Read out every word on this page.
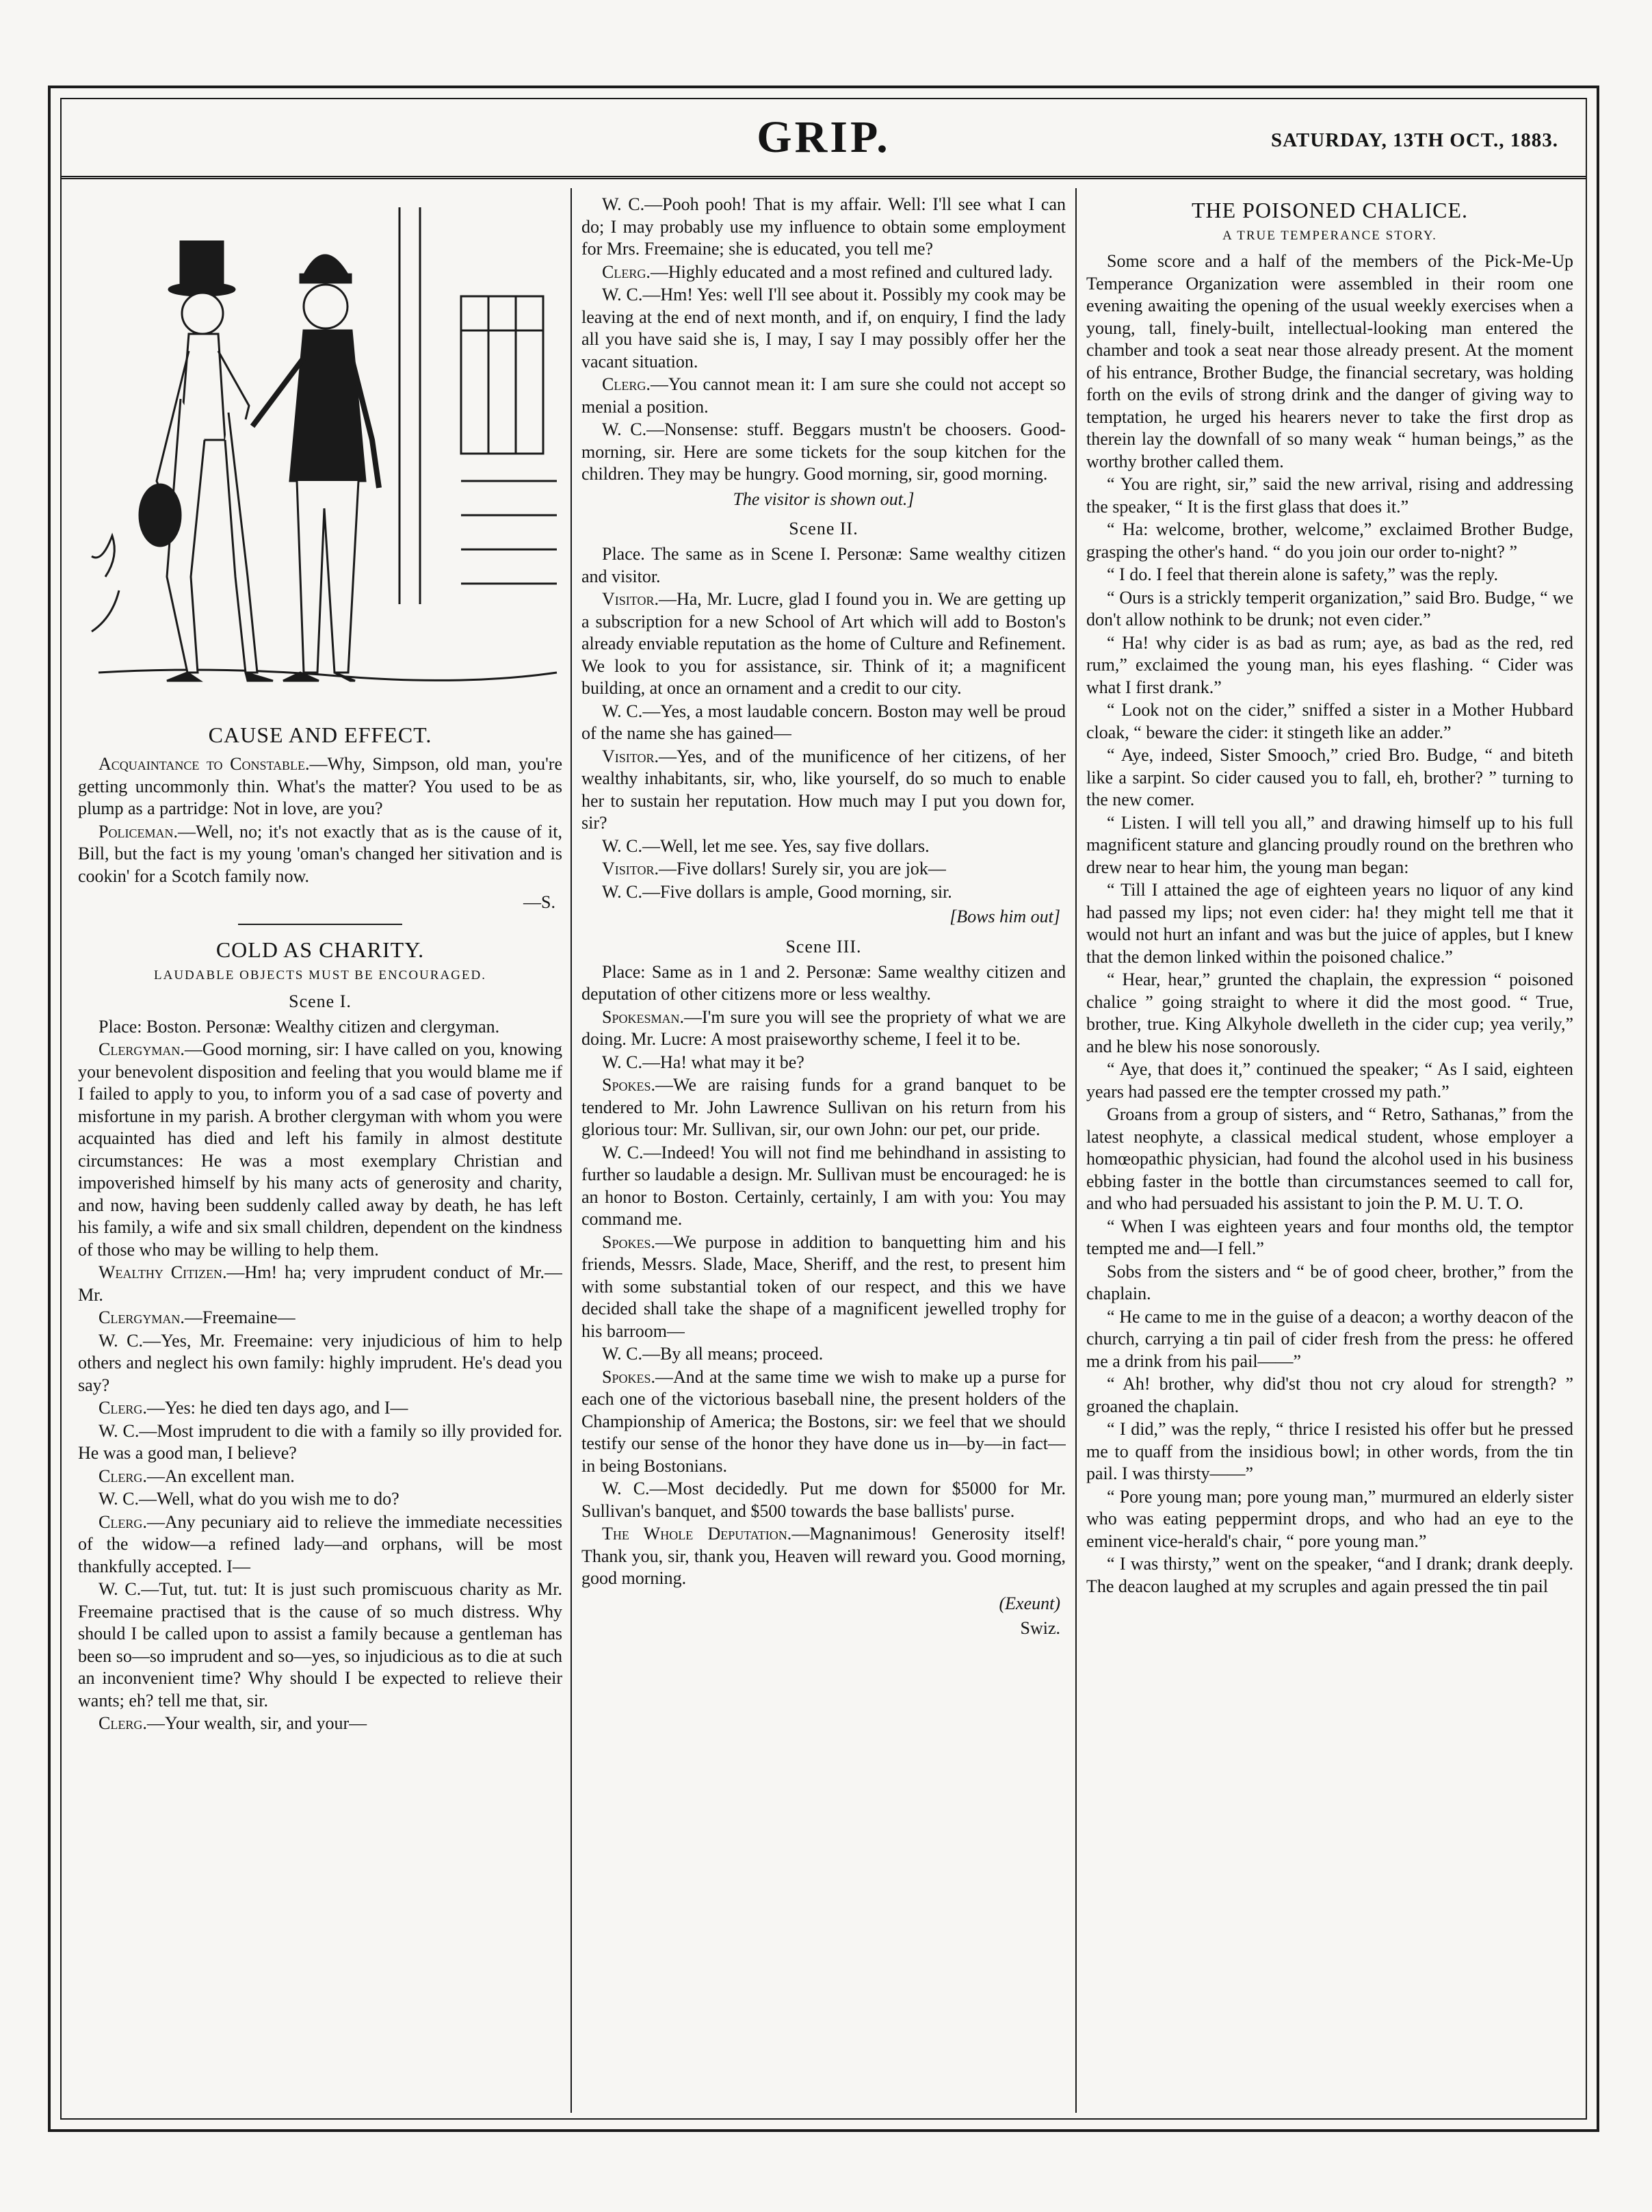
GRIP.	SATURDAY, 13TH OCT., 1883.
CAUSE AND EFFECT.

Acquaintance to Constable.—Why, Simpson, old man, you're getting uncommonly thin. What's the matter? You used to be as plump as a partridge: Not in love, are you?

Policeman.—Well, no; it's not exactly that as is the cause of it, Bill, but the fact is my young 'oman's changed her sitivation and is cookin' for a Scotch family now.

—S.

COLD AS CHARITY.
LAUDABLE OBJECTS MUST BE ENCOURAGED.
Scene I.

Place: Boston. Personæ: Wealthy citizen and clergyman.

Clergyman.—Good morning, sir: I have called on you, knowing your benevolent disposition and feeling that you would blame me if I failed to apply to you, to inform you of a sad case of poverty and misfortune in my parish. A brother clergyman with whom you were acquainted has died and left his family in almost destitute circumstances: He was a most exemplary Christian and impoverished himself by his many acts of generosity and charity, and now, having been suddenly called away by death, he has left his family, a wife and six small children, dependent on the kindness of those who may be willing to help them.

Wealthy Citizen.—Hm! ha; very imprudent conduct of Mr.—Mr.

Clergyman.—Freemaine—

W. C.—Yes, Mr. Freemaine: very injudicious of him to help others and neglect his own family: highly imprudent. He's dead you say?

Clerg.—Yes: he died ten days ago, and I—

W. C.—Most imprudent to die with a family so illy provided for. He was a good man, I believe?

Clerg.—An excellent man.

W. C.—Well, what do you wish me to do?

Clerg.—Any pecuniary aid to relieve the immediate necessities of the widow—a refined lady—and orphans, will be most thankfully accepted. I—

W. C.—Tut, tut. tut: It is just such promiscuous charity as Mr. Freemaine practised that is the cause of so much distress. Why should I be called upon to assist a family because a gentleman has been so—so imprudent and so—yes, so injudicious as to die at such an inconvenient time? Why should I be expected to relieve their wants; eh? tell me that, sir.

Clerg.—Your wealth, sir, and your—

W. C.—Pooh pooh! That is my affair. Well: I'll see what I can do; I may probably use my influence to obtain some employment for Mrs. Freemaine; she is educated, you tell me?

Clerg.—Highly educated and a most refined and cultured lady.

W. C.—Hm! Yes: well I'll see about it. Possibly my cook may be leaving at the end of next month, and if, on enquiry, I find the lady all you have said she is, I may, I say I may possibly offer her the vacant situation.

Clerg.—You cannot mean it: I am sure she could not accept so menial a position.

W. C.—Nonsense: stuff. Beggars mustn't be choosers. Good-morning, sir. Here are some tickets for the soup kitchen for the children. They may be hungry. Good morning, sir, good morning.

The visitor is shown out.]

Scene II.

Place. The same as in Scene I. Personæ: Same wealthy citizen and visitor.

Visitor.—Ha, Mr. Lucre, glad I found you in. We are getting up a subscription for a new School of Art which will add to Boston's already enviable reputation as the home of Culture and Refinement. We look to you for assistance, sir. Think of it; a magnificent building, at once an ornament and a credit to our city.

W. C.—Yes, a most laudable concern. Boston may well be proud of the name she has gained—

Visitor.—Yes, and of the munificence of her citizens, of her wealthy inhabitants, sir, who, like yourself, do so much to enable her to sustain her reputation. How much may I put you down for, sir?

W. C.—Well, let me see. Yes, say five dollars.

Visitor.—Five dollars! Surely sir, you are jok—

W. C.—Five dollars is ample, Good morning, sir.

[Bows him out]

Scene III.

Place: Same as in 1 and 2. Personæ: Same wealthy citizen and deputation of other citizens more or less wealthy.

Spokesman.—I'm sure you will see the propriety of what we are doing. Mr. Lucre: A most praiseworthy scheme, I feel it to be.

W. C.—Ha! what may it be?

Spokes.—We are raising funds for a grand banquet to be tendered to Mr. John Lawrence Sullivan on his return from his glorious tour: Mr. Sullivan, sir, our own John: our pet, our pride.

W. C.—Indeed! You will not find me behindhand in assisting to further so laudable a design. Mr. Sullivan must be encouraged: he is an honor to Boston. Certainly, certainly, I am with you: You may command me.

Spokes.—We purpose in addition to banquetting him and his friends, Messrs. Slade, Mace, Sheriff, and the rest, to present him with some substantial token of our respect, and this we have decided shall take the shape of a magnificent jewelled trophy for his barroom—

W. C.—By all means; proceed.

Spokes.—And at the same time we wish to make up a purse for each one of the victorious baseball nine, the present holders of the Championship of America; the Bostons, sir: we feel that we should testify our sense of the honor they have done us in—by—in fact—in being Bostonians.

W. C.—Most decidedly. Put me down for $5000 for Mr. Sullivan's banquet, and $500 towards the base ballists' purse.

The Whole Deputation.—Magnanimous! Generosity itself! Thank you, sir, thank you, Heaven will reward you. Good morning, good morning.

(Exeunt)

Swiz.

THE POISONED CHALICE.
A TRUE TEMPERANCE STORY.

Some score and a half of the members of the Pick-Me-Up Temperance Organization were assembled in their room one evening awaiting the opening of the usual weekly exercises when a young, tall, finely-built, intellectual-looking man entered the chamber and took a seat near those already present. At the moment of his entrance, Brother Budge, the financial secretary, was holding forth on the evils of strong drink and the danger of giving way to temptation, he urged his hearers never to take the first drop as therein lay the downfall of so many weak “ human beings,” as the worthy brother called them.

“ You are right, sir,” said the new arrival, rising and addressing the speaker, “ It is the first glass that does it.”

“ Ha: welcome, brother, welcome,” exclaimed Brother Budge, grasping the other's hand. “ do you join our order to-night? ”

“ I do. I feel that therein alone is safety,” was the reply.

“ Ours is a strickly temperit organization,” said Bro. Budge, “ we don't allow nothink to be drunk; not even cider.”

“ Ha! why cider is as bad as rum; aye, as bad as the red, red rum,” exclaimed the young man, his eyes flashing. “ Cider was what I first drank.”

“ Look not on the cider,” sniffed a sister in a Mother Hubbard cloak, “ beware the cider: it stingeth like an adder.”

“ Aye, indeed, Sister Smooch,” cried Bro. Budge, “ and biteth like a sarpint. So cider caused you to fall, eh, brother? ” turning to the new comer.

“ Listen. I will tell you all,” and drawing himself up to his full magnificent stature and glancing proudly round on the brethren who drew near to hear him, the young man began:

“ Till I attained the age of eighteen years no liquor of any kind had passed my lips; not even cider: ha! they might tell me that it would not hurt an infant and was but the juice of apples, but I knew that the demon linked within the poisoned chalice.”

“ Hear, hear,” grunted the chaplain, the expression “ poisoned chalice ” going straight to where it did the most good. “ True, brother, true. King Alkyhole dwelleth in the cider cup; yea verily,” and he blew his nose sonorously.

“ Aye, that does it,” continued the speaker; “ As I said, eighteen years had passed ere the tempter crossed my path.”

Groans from a group of sisters, and “ Retro, Sathanas,” from the latest neophyte, a classical medical student, whose employer a homœopathic physician, had found the alcohol used in his business ebbing faster in the bottle than circumstances seemed to call for, and who had persuaded his assistant to join the P. M. U. T. O.

“ When I was eighteen years and four months old, the temptor tempted me and—I fell.”

Sobs from the sisters and “ be of good cheer, brother,” from the chaplain.

“ He came to me in the guise of a deacon; a worthy deacon of the church, carrying a tin pail of cider fresh from the press: he offered me a drink from his pail——”

“ Ah! brother, why did'st thou not cry aloud for strength? ” groaned the chaplain.

“ I did,” was the reply, “ thrice I resisted his offer but he pressed me to quaff from the insidious bowl; in other words, from the tin pail. I was thirsty——”

“ Pore young man; pore young man,” murmured an elderly sister who was eating peppermint drops, and who had an eye to the eminent vice-herald's chair, “ pore young man.”

“ I was thirsty,” went on the speaker, “and I drank; drank deeply. The deacon laughed at my scruples and again pressed the tin pail
